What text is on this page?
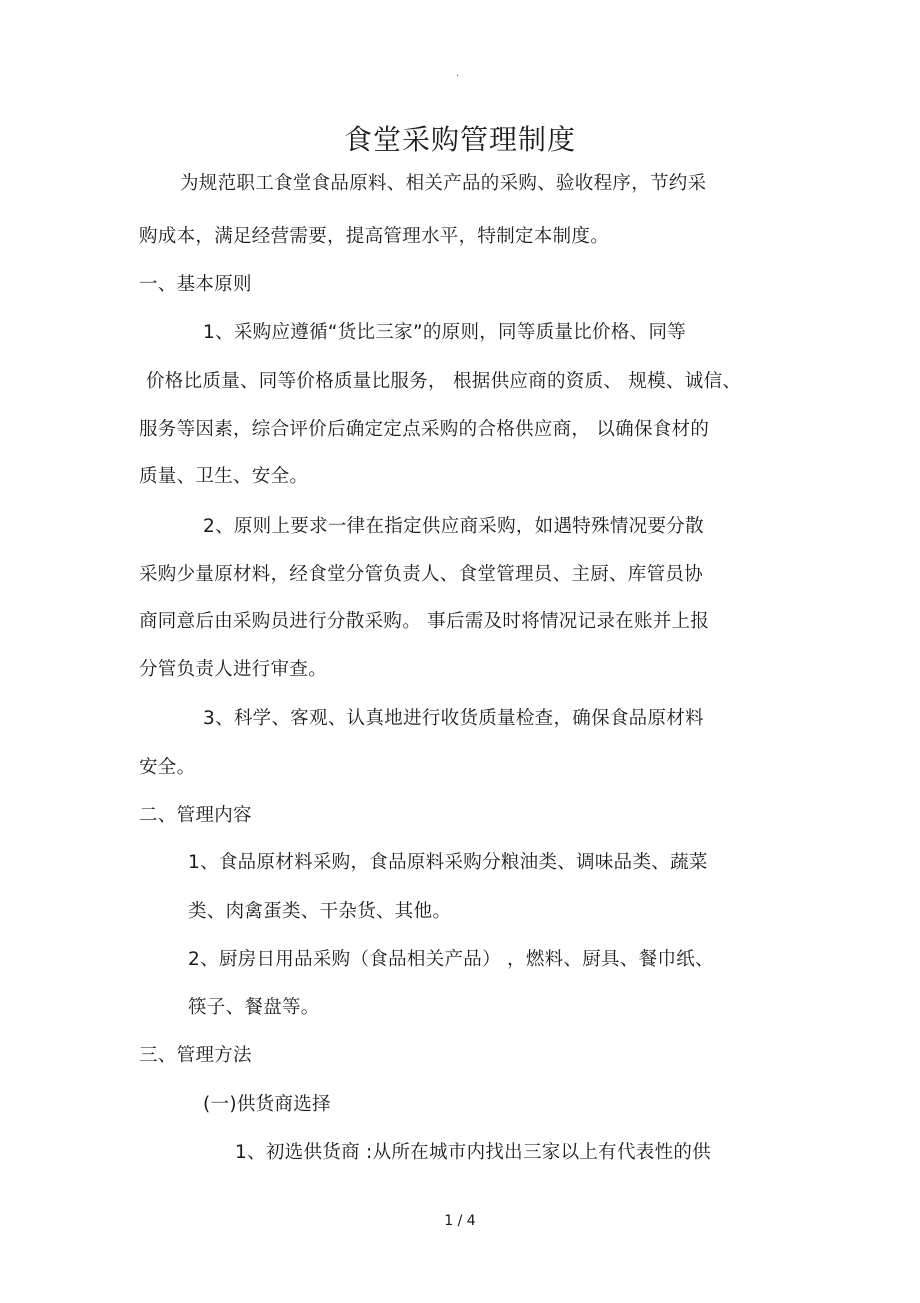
.
食堂采购管理制度
为规范职工食堂食品原料、相关产品的采购、验收程序，节约采
购成本，满足经营需要，提高管理水平，特制定本制度。
一、基本原则
1、采购应遵循“货比三家”的原则，同等质量比价格、同等
价格比质量、同等价格质量比服务， 根据供应商的资质、 规模、诚信、
服务等因素，综合评价后确定定点采购的合格供应商， 以确保食材的
质量、卫生、安全。
2、原则上要求一律在指定供应商采购，如遇特殊情况要分散
采购少量原材料，经食堂分管负责人、食堂管理员、主厨、库管员协
商同意后由采购员进行分散采购。 事后需及时将情况记录在账并上报
分管负责人进行审查。
3、科学、客观、认真地进行收货质量检查，确保食品原材料
安全。
二、管理内容
1、食品原材料采购，食品原料采购分粮油类、调味品类、蔬菜
类、肉禽蛋类、干杂货、其他。
2、厨房日用品采购（食品相关产品） ，燃料、厨具、餐巾纸、
筷子、餐盘等。
三、管理方法
(一)供货商选择
1、初选供货商 :从所在城市内找出三家以上有代表性的供
1 / 4
